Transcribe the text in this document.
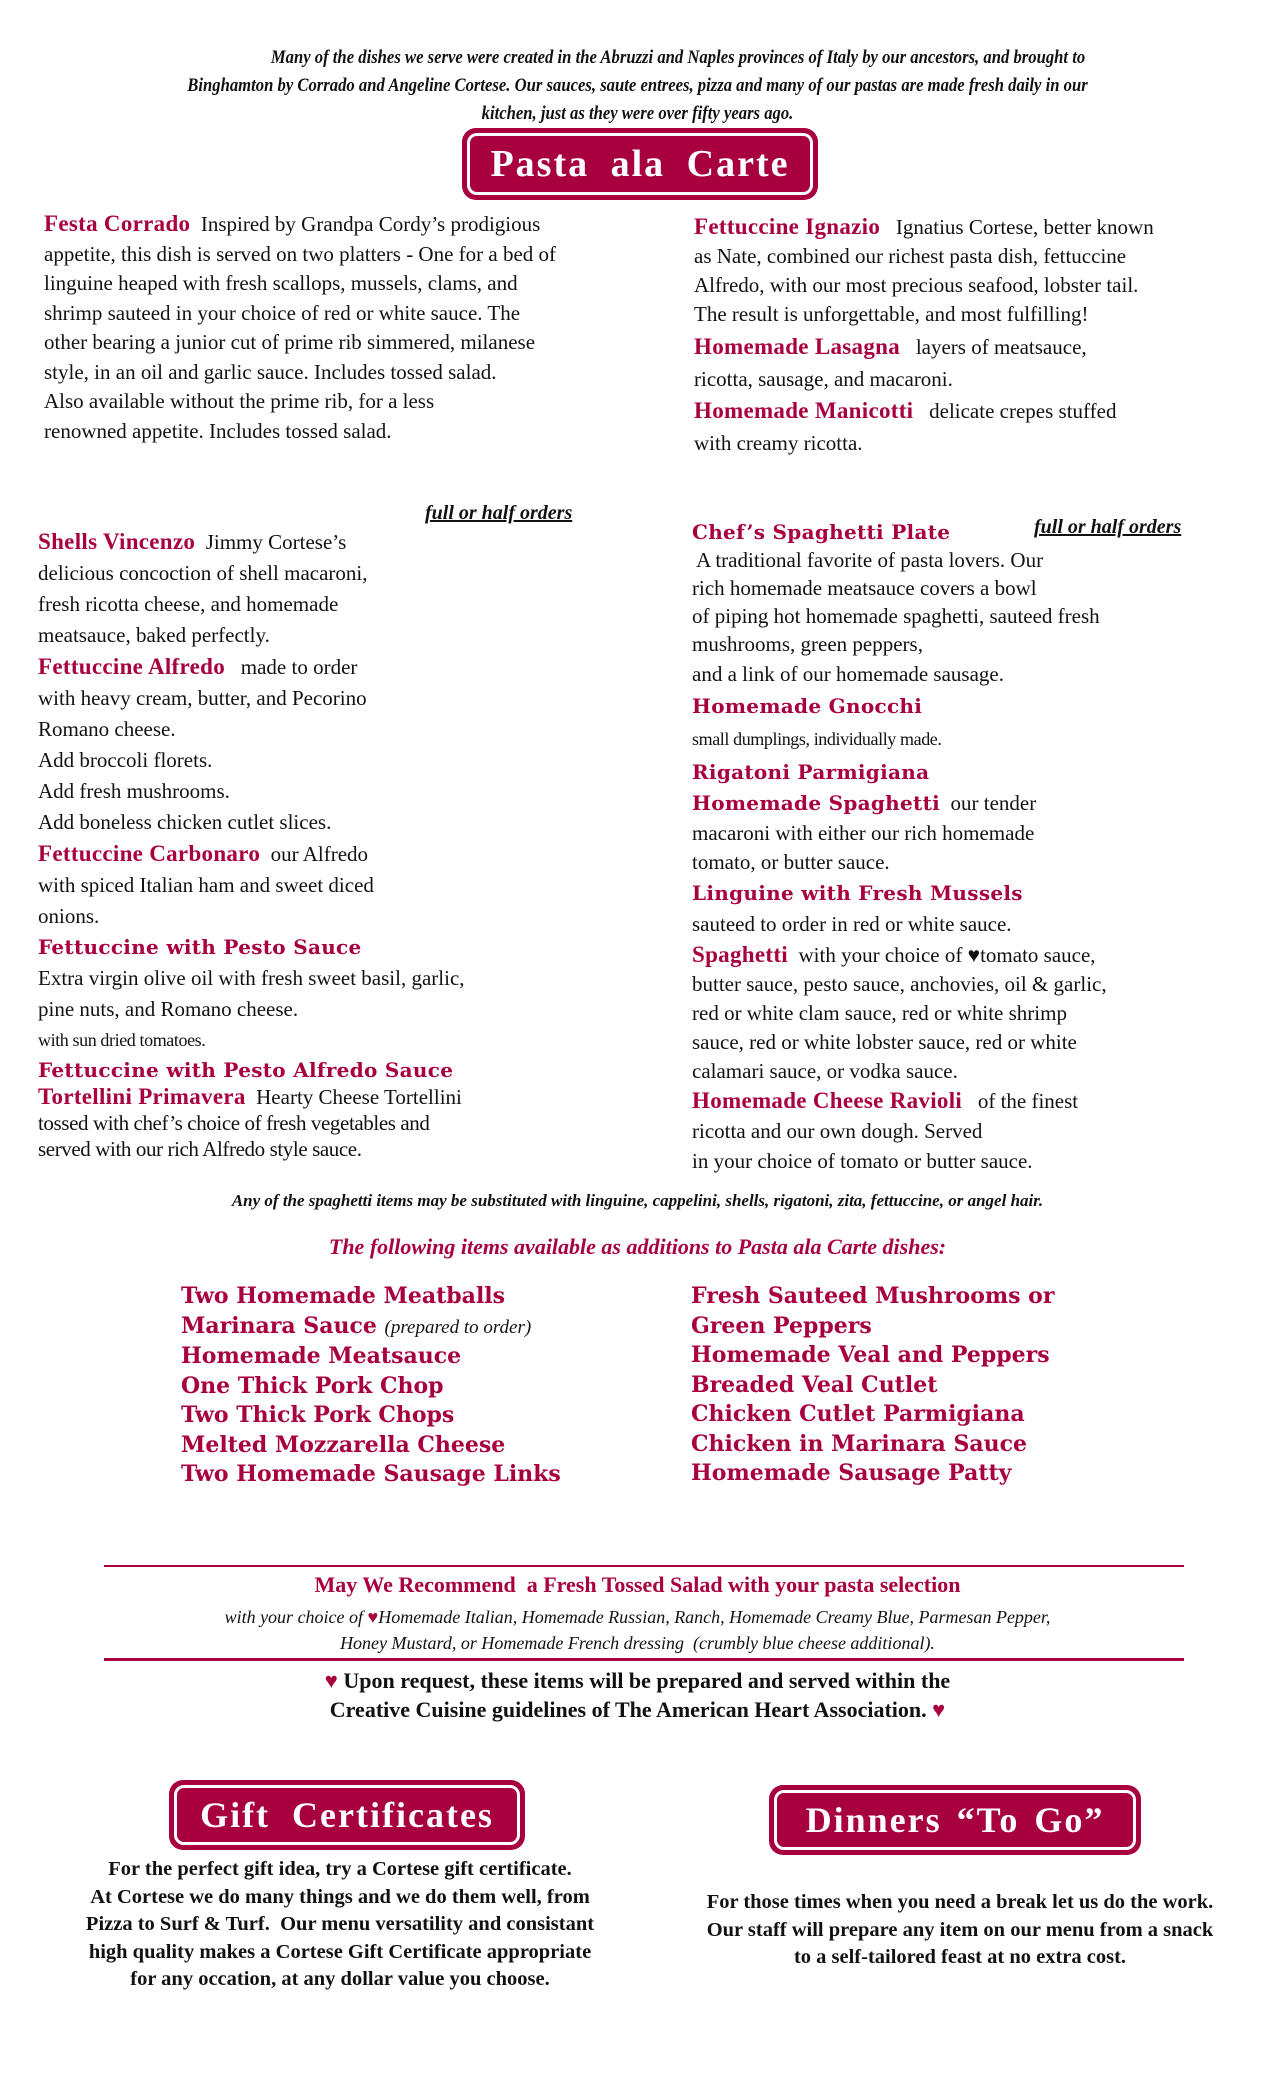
Many of the dishes we serve were created in the Abruzzi and Naples provinces of Italy by our ancestors, and brought to
Binghamton by Corrado and Angeline Cortese. Our sauces, saute entrees, pizza and many of our pastas are made fresh daily in our
kitchen, just as they were over fifty years ago.
Pasta ala Carte
Festa Corrado Inspired by Grandpa Cordy’s prodigious
appetite, this dish is served on two platters - One for a bed of
linguine heaped with fresh scallops, mussels, clams, and
shrimp sauteed in your choice of red or white sauce. The
other bearing a junior cut of prime rib simmered, milanese
style, in an oil and garlic sauce. Includes tossed salad.
Also available without the prime rib, for a less
renowned appetite. Includes tossed salad.
Fettuccine Ignazio Ignatius Cortese, better known
as Nate, combined our richest pasta dish, fettuccine
Alfredo, with our most precious seafood, lobster tail.
The result is unforgettable, and most fulfilling!
Homemade Lasagna layers of meatsauce,
ricotta, sausage, and macaroni.
Homemade Manicotti delicate crepes stuffed
with creamy ricotta.
full or half orders
full or half orders
Shells Vincenzo Jimmy Cortese’s
delicious concoction of shell macaroni,
fresh ricotta cheese, and homemade
meatsauce, baked perfectly.
Fettuccine Alfredo made to order
with heavy cream, butter, and Pecorino
Romano cheese.
Add broccoli florets.
Add fresh mushrooms.
Add boneless chicken cutlet slices.
Fettuccine Carbonaro our Alfredo
with spiced Italian ham and sweet diced
onions.
Fettuccine with Pesto Sauce
Extra virgin olive oil with fresh sweet basil, garlic,
pine nuts, and Romano cheese.
with sun dried tomatoes.
Fettuccine with Pesto Alfredo Sauce
Tortellini Primavera Hearty Cheese Tortellini
tossed with chef’s choice of fresh vegetables and
served with our rich Alfredo style sauce.
Chef’s Spaghetti Plate
A traditional favorite of pasta lovers. Our
rich homemade meatsauce covers a bowl
of piping hot homemade spaghetti, sauteed fresh
mushrooms, green peppers,
and a link of our homemade sausage.
Homemade Gnocchi
small dumplings, individually made.
Rigatoni Parmigiana
Homemade Spaghetti our tender
macaroni with either our rich homemade
tomato, or butter sauce.
Linguine with Fresh Mussels
sauteed to order in red or white sauce.
Spaghetti with your choice of ♥tomato sauce,
butter sauce, pesto sauce, anchovies, oil & garlic,
red or white clam sauce, red or white shrimp
sauce, red or white lobster sauce, red or white
calamari sauce, or vodka sauce.
Homemade Cheese Ravioli of the finest
ricotta and our own dough. Served
in your choice of tomato or butter sauce.
Any of the spaghetti items may be substituted with linguine, cappelini, shells, rigatoni, zita, fettuccine, or angel hair.
The following items available as additions to Pasta ala Carte dishes:
Two Homemade Meatballs
Marinara Sauce (prepared to order)
Homemade Meatsauce
One Thick Pork Chop
Two Thick Pork Chops
Melted Mozzarella Cheese
Two Homemade Sausage Links
Fresh Sauteed Mushrooms or
Green Peppers
Homemade Veal and Peppers
Breaded Veal Cutlet
Chicken Cutlet Parmigiana
Chicken in Marinara Sauce
Homemade Sausage Patty
May We Recommend  a Fresh Tossed Salad with your pasta selection
with your choice of ♥Homemade Italian, Homemade Russian, Ranch, Homemade Creamy Blue, Parmesan Pepper,
Honey Mustard, or Homemade French dressing  (crumbly blue cheese additional).
♥ Upon request, these items will be prepared and served within the
Creative Cuisine guidelines of The American Heart Association. ♥
Gift  Certificates
For the perfect gift idea, try a Cortese gift certificate.
At Cortese we do many things and we do them well, from
Pizza to Surf & Turf.  Our menu versatility and consistant
high quality makes a Cortese Gift Certificate appropriate
for any occation, at any dollar value you choose.
Dinners “To Go”
For those times when you need a break let us do the work.
Our staff will prepare any item on our menu from a snack
to a self-tailored feast at no extra cost.
